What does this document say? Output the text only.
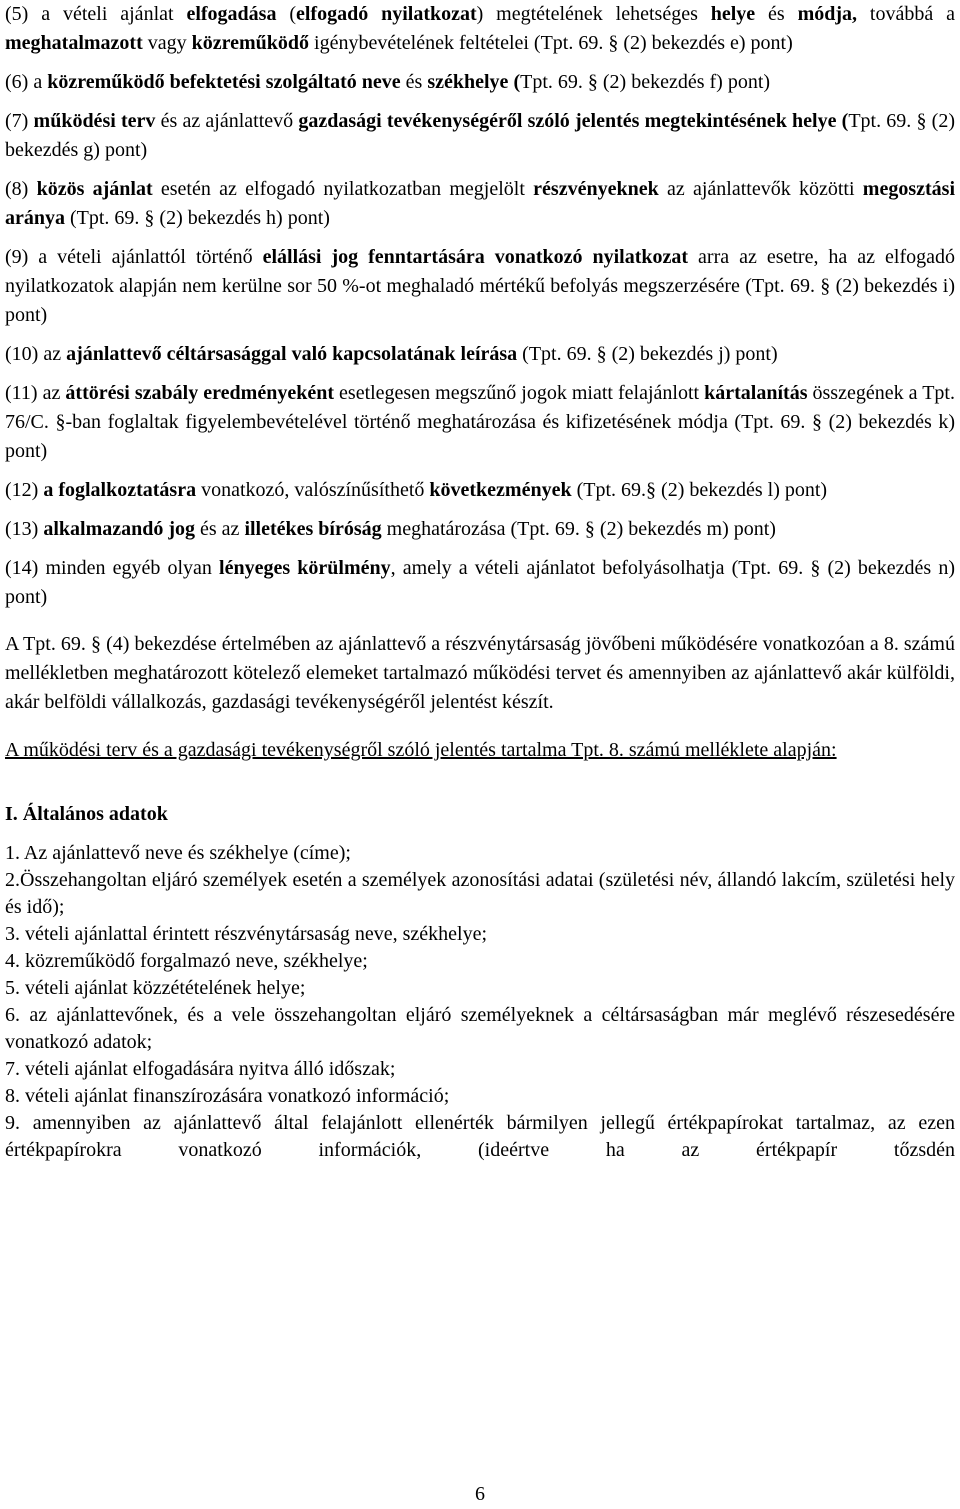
(5) a vételi ajánlat elfogadása (elfogadó nyilatkozat) megtételének lehetséges helye és módja, továbbá a meghatalmazott vagy közreműködő igénybevételének feltételei (Tpt. 69. § (2) bekezdés e) pont)

(6) a közreműködő befektetési szolgáltató neve és székhelye (Tpt. 69. § (2) bekezdés f) pont)

(7) működési terv és az ajánlattevő gazdasági tevékenységéről szóló jelentés megtekintésének helye (Tpt. 69. § (2) bekezdés g) pont)

(8) közös ajánlat esetén az elfogadó nyilatkozatban megjelölt részvényeknek az ajánlattevők közötti megosztási aránya (Tpt. 69. § (2) bekezdés h) pont)

(9) a vételi ajánlattól történő elállási jog fenntartására vonatkozó nyilatkozat arra az esetre, ha az elfogadó nyilatkozatok alapján nem kerülne sor 50 %-ot meghaladó mértékű befolyás megszerzésére (Tpt. 69. § (2) bekezdés i) pont)

(10) az ajánlattevő céltársasággal való kapcsolatának leírása (Tpt. 69. § (2) bekezdés j) pont)

(11) az áttörési szabály eredményeként esetlegesen megszűnő jogok miatt felajánlott kártalanítás összegének a Tpt. 76/C. §-ban foglaltak figyelembevételével történő meghatározása és kifizetésének módja (Tpt. 69. § (2) bekezdés k) pont)

(12) a foglalkoztatásra vonatkozó, valószínűsíthető következmények (Tpt. 69.§ (2) bekezdés l) pont)

(13) alkalmazandó jog és az illetékes bíróság meghatározása (Tpt. 69. § (2) bekezdés m) pont)

(14) minden egyéb olyan lényeges körülmény, amely a vételi ajánlatot befolyásolhatja (Tpt. 69. § (2) bekezdés n) pont)

A Tpt. 69. § (4) bekezdése értelmében az ajánlattevő a részvénytársaság jövőbeni működésére vonatkozóan a 8. számú mellékletben meghatározott kötelező elemeket tartalmazó működési tervet és amennyiben az ajánlattevő akár külföldi, akár belföldi vállalkozás, gazdasági tevékenységéről jelentést készít.

A működési terv és a gazdasági tevékenységről szóló jelentés tartalma Tpt. 8. számú melléklete alapján:

I. Általános adatok

1. Az ajánlattevő neve és székhelye (címe);

2.Összehangoltan eljáró személyek esetén a személyek azonosítási adatai (születési név, állandó lakcím, születési hely és idő);

3. vételi ajánlattal érintett részvénytársaság neve, székhelye;

4. közreműködő forgalmazó neve, székhelye;

5. vételi ajánlat közzétételének helye;

6. az ajánlattevőnek, és a vele összehangoltan eljáró személyeknek a céltársaságban már meglévő részesedésére vonatkozó adatok;

7. vételi ajánlat elfogadására nyitva álló időszak;

8. vételi ajánlat finanszírozására vonatkozó információ;

9. amennyiben az ajánlattevő által felajánlott ellenérték bármilyen jellegű értékpapírokat tartalmaz, az ezen értékpapírokra vonatkozó információk, (ideértve ha az értékpapír tőzsdén

6
